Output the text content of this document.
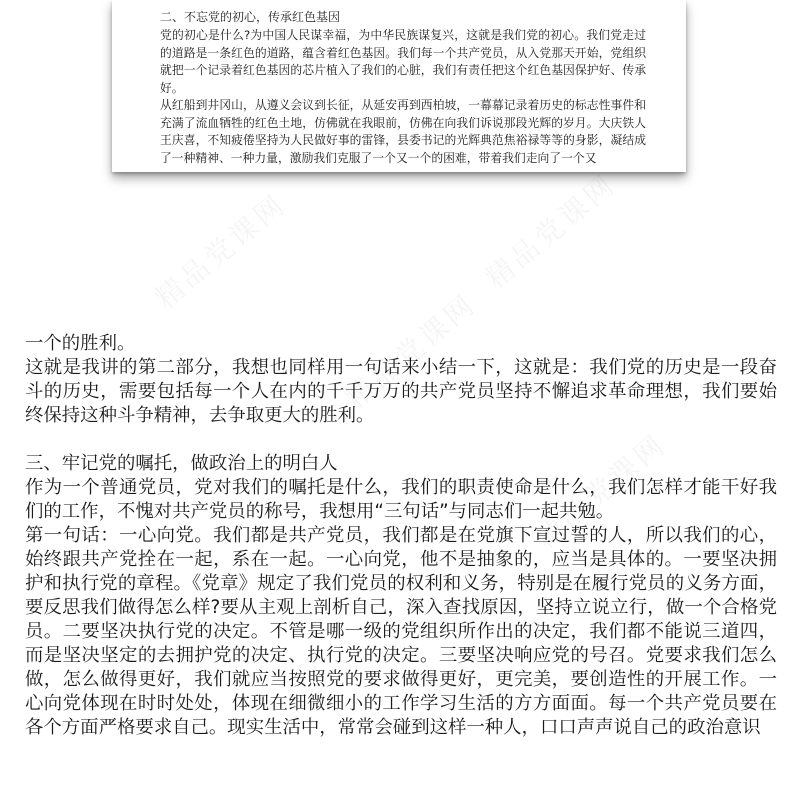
二、不忘党的初心，传承红色基因

党的初心是什么?为中国人民谋幸福，为中华民族谋复兴，这就是我们党的初心。我们党走过的道路是一条红色的道路，蕴含着红色基因。我们每一个共产党员，从入党那天开始，党组织就把一个记录着红色基因的芯片植入了我们的心脏，我们有责任把这个红色基因保护好、传承好。

从红船到井冈山，从遵义会议到长征，从延安再到西柏坡，一幕幕记录着历史的标志性事件和充满了流血牺牲的红色土地，仿佛就在我眼前，仿佛在向我们诉说那段光辉的岁月。大庆铁人王庆喜，不知疲倦坚持为人民做好事的雷锋，县委书记的光辉典范焦裕禄等等的身影，凝结成了一种精神、一种力量，激励我们克服了一个又一个的困难，带着我们走向了一个又

一个的胜利。

这就是我讲的第二部分，我想也同样用一句话来小结一下，这就是：我们党的历史是一段奋斗的历史，需要包括每一个人在内的千千万万的共产党员坚持不懈追求革命理想，我们要始终保持这种斗争精神，去争取更大的胜利。

三、牢记党的嘱托，做政治上的明白人

作为一个普通党员，党对我们的嘱托是什么，我们的职责使命是什么，我们怎样才能干好我们的工作，不愧对共产党员的称号，我想用“三句话”与同志们一起共勉。

第一句话：一心向党。我们都是共产党员，我们都是在党旗下宣过誓的人，所以我们的心，始终跟共产党拴在一起，系在一起。一心向党，他不是抽象的，应当是具体的。一要坚决拥护和执行党的章程。《党章》规定了我们党员的权利和义务，特别是在履行党员的义务方面，要反思我们做得怎么样?要从主观上剖析自己，深入查找原因，坚持立说立行，做一个合格党员。二要坚决执行党的决定。不管是哪一级的党组织所作出的决定，我们都不能说三道四，而是坚决坚定的去拥护党的决定、执行党的决定。三要坚决响应党的号召。党要求我们怎么做，怎么做得更好，我们就应当按照党的要求做得更好，更完美，要创造性的开展工作。一心向党体现在时时处处，体现在细微细小的工作学习生活的方方面面。每一个共产党员要在各个方面严格要求自己。现实生活中，常常会碰到这样一种人，口口声声说自己的政治意识
